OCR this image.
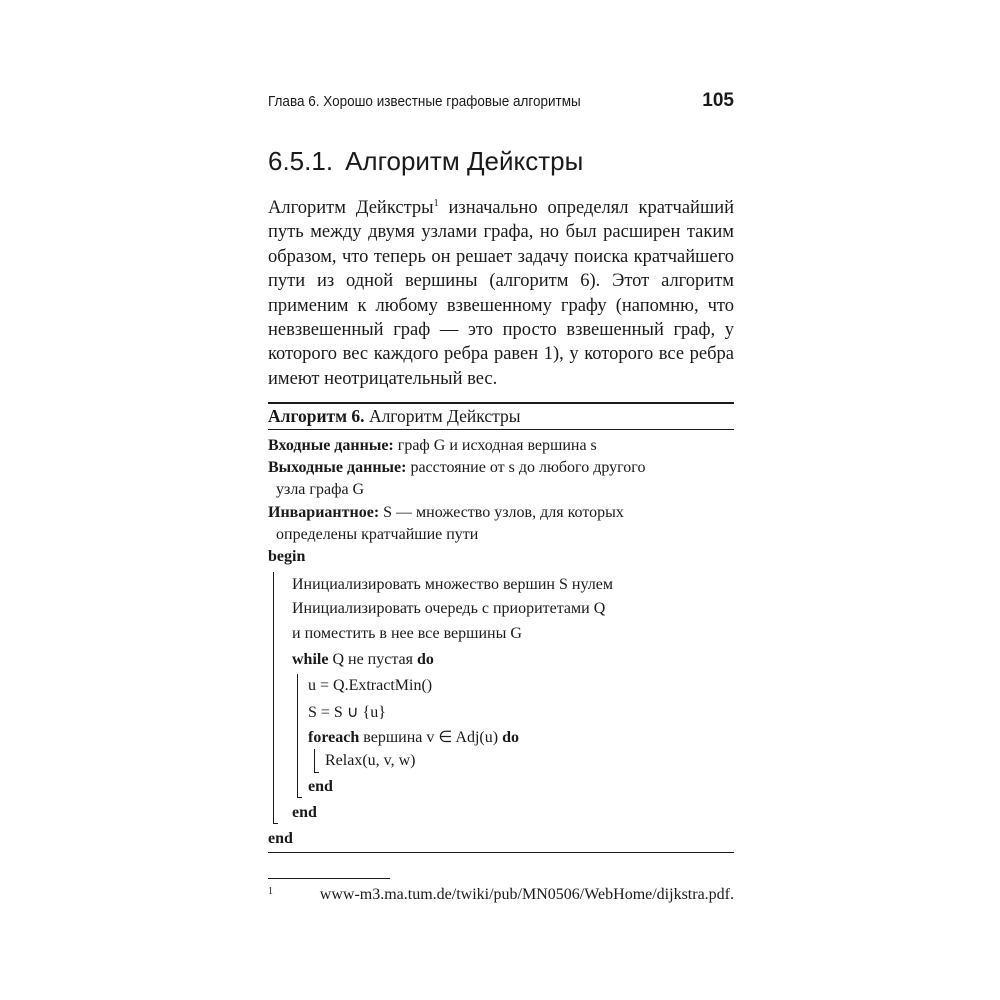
Глава 6. Хорошо известные графовые алгоритмы	105
6.5.1. Алгоритм Дейкстры
Алгоритм Дейкстры$^1$ изначально определял кратчайший путь между двумя узлами графа, но был расширен таким образом, что теперь он решает задачу поиска кратчайшего пути из одной вершины (алгоритм 6). Этот алгоритм применим к любому взвешенному графу (напомню, что невзвешенный граф — это просто взвешенный граф, у которого вес каждого ребра равен 1), у которого все ребра имеют неотрицательный вес.
Алгоритм 6. Алгоритм Дейкстры
Входные данные: граф G и исходная вершина s
Выходные данные: расстояние от s до любого другого
узла графа G
Инвариантное: S — множество узлов, для которых
определены кратчайшие пути
begin
Инициализировать множество вершин S нулем
Инициализировать очередь с приоритетами Q
и поместить в нее все вершины G
while Q не пустая do
u = Q.ExtractMin()
S = S ∪ {u}
foreach вершина v ∈ Adj(u) do
Relax(u, v, w)
end
end
end
1	www-m3.ma.tum.de/twiki/pub/MN0506/WebHome/dijkstra.pdf.
